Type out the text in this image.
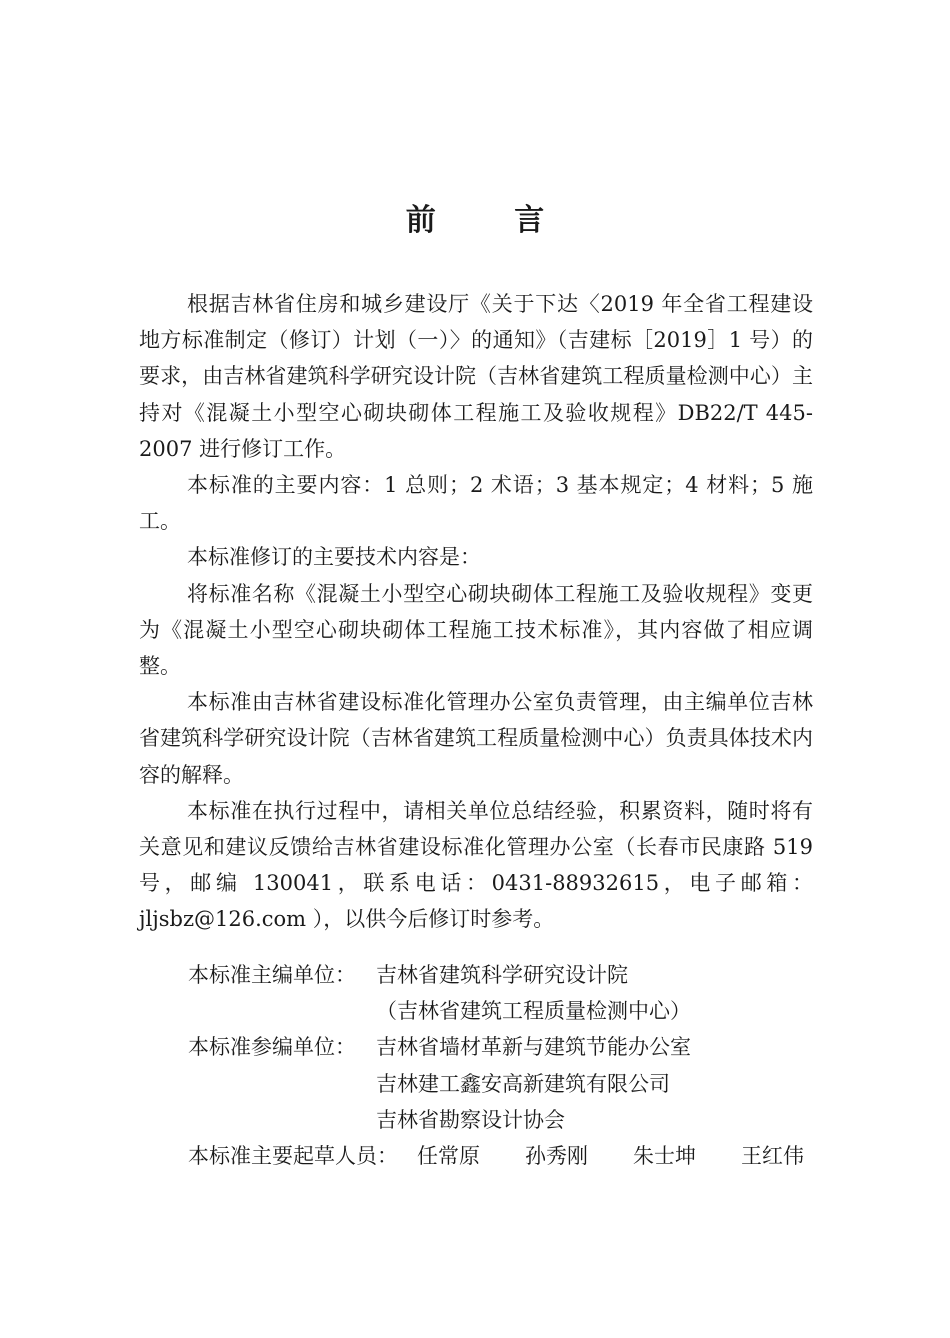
前 言

根据吉林省住房和城乡建设厅《关于下达〈2019 年全省工程建设地方标准制定（修订）计划（一）〉的通知》（吉建标［2019］1 号）的要求，由吉林省建筑科学研究设计院（吉林省建筑工程质量检测中心）主持对《混凝土小型空心砌块砌体工程施工及验收规程》DB22/T 445-2007 进行修订工作。

本标准的主要内容：1 总则；2 术语；3 基本规定；4 材料；5 施工。

本标准修订的主要技术内容是：

将标准名称《混凝土小型空心砌块砌体工程施工及验收规程》变更为《混凝土小型空心砌块砌体工程施工技术标准》，其内容做了相应调整。

本标准由吉林省建设标准化管理办公室负责管理，由主编单位吉林省建筑科学研究设计院（吉林省建筑工程质量检测中心）负责具体技术内容的解释。

本标准在执行过程中，请相关单位总结经验，积累资料，随时将有关意见和建议反馈给吉林省建设标准化管理办公室（长春市民康路 519 号，邮编 130041，联系电话：0431-88932615，电子邮箱：jljsbz@126.com ），以供今后修订时参考。

本标准主编单位： 吉林省建筑科学研究设计院
（吉林省建筑工程质量检测中心）
本标准参编单位： 吉林省墙材革新与建筑节能办公室
吉林建工鑫安高新建筑有限公司
吉林省勘察设计协会
本标准主要起草人员： 任常原	孙秀刚	朱士坤	王红伟
